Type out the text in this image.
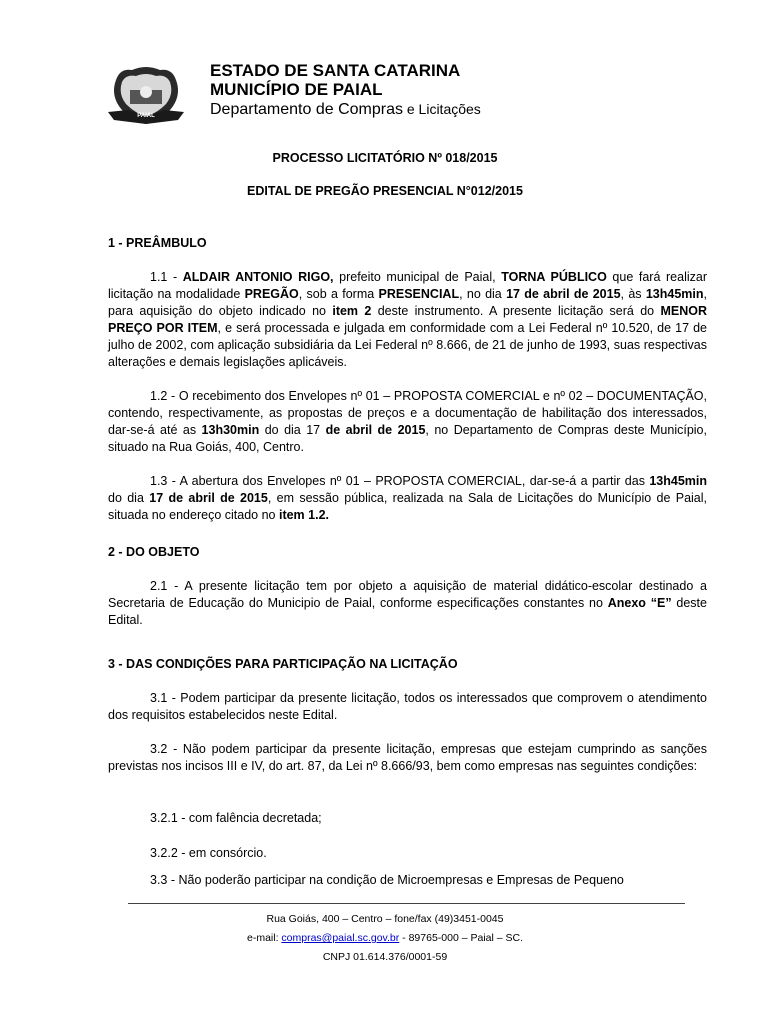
PAIAL
ESTADO DE SANTA CATARINA
MUNICÍPIO DE PAIAL
Departamento de Compras e Licitações
PROCESSO LICITATÓRIO Nº 018/2015
EDITAL DE PREGÃO PRESENCIAL N°012/2015
1 - PREÂMBULO
1.1 - ALDAIR ANTONIO RIGO, prefeito municipal de Paial, TORNA PÚBLICO que fará realizar licitação na modalidade PREGÃO, sob a forma PRESENCIAL, no dia 17 de abril de 2015, às 13h45min, para aquisição do objeto indicado no item 2 deste instrumento. A presente licitação será do MENOR PREÇO POR ITEM, e será processada e julgada em conformidade com a Lei Federal nº 10.520, de 17 de julho de 2002, com aplicação subsidiária da Lei Federal nº 8.666, de 21 de junho de 1993, suas respectivas alterações e demais legislações aplicáveis.
1.2 - O recebimento dos Envelopes nº 01 – PROPOSTA COMERCIAL e nº 02 – DOCUMENTAÇÃO, contendo, respectivamente, as propostas de preços e a documentação de habilitação dos interessados, dar-se-á até as 13h30min do dia 17 de abril de 2015, no Departamento de Compras deste Município, situado na Rua Goiás, 400, Centro.
1.3 - A abertura dos Envelopes nº 01 – PROPOSTA COMERCIAL, dar-se-á a partir das 13h45min do dia 17 de abril de 2015, em sessão pública, realizada na Sala de Licitações do Município de Paial, situada no endereço citado no item 1.2.
2 - DO OBJETO
2.1 - A presente licitação tem por objeto a aquisição de material didático-escolar destinado a Secretaria de Educação do Municipio de Paial, conforme especificações constantes no Anexo “E” deste Edital.
3 - DAS CONDIÇÕES PARA PARTICIPAÇÃO NA LICITAÇÃO
3.1 - Podem participar da presente licitação, todos os interessados que comprovem o atendimento dos requisitos estabelecidos neste Edital.
3.2 - Não podem participar da presente licitação, empresas que estejam cumprindo as sanções previstas nos incisos III e IV, do art. 87, da Lei nº 8.666/93, bem como empresas nas seguintes condições:
3.2.1 - com falência decretada;
3.2.2 - em consórcio.
3.3 - Não poderão participar na condição de Microempresas e Empresas de Pequeno
Rua Goiás, 400 – Centro – fone/fax (49)3451-0045
e-mail: compras@paial.sc.gov.br - 89765-000 – Paial – SC.
CNPJ 01.614.376/0001-59
